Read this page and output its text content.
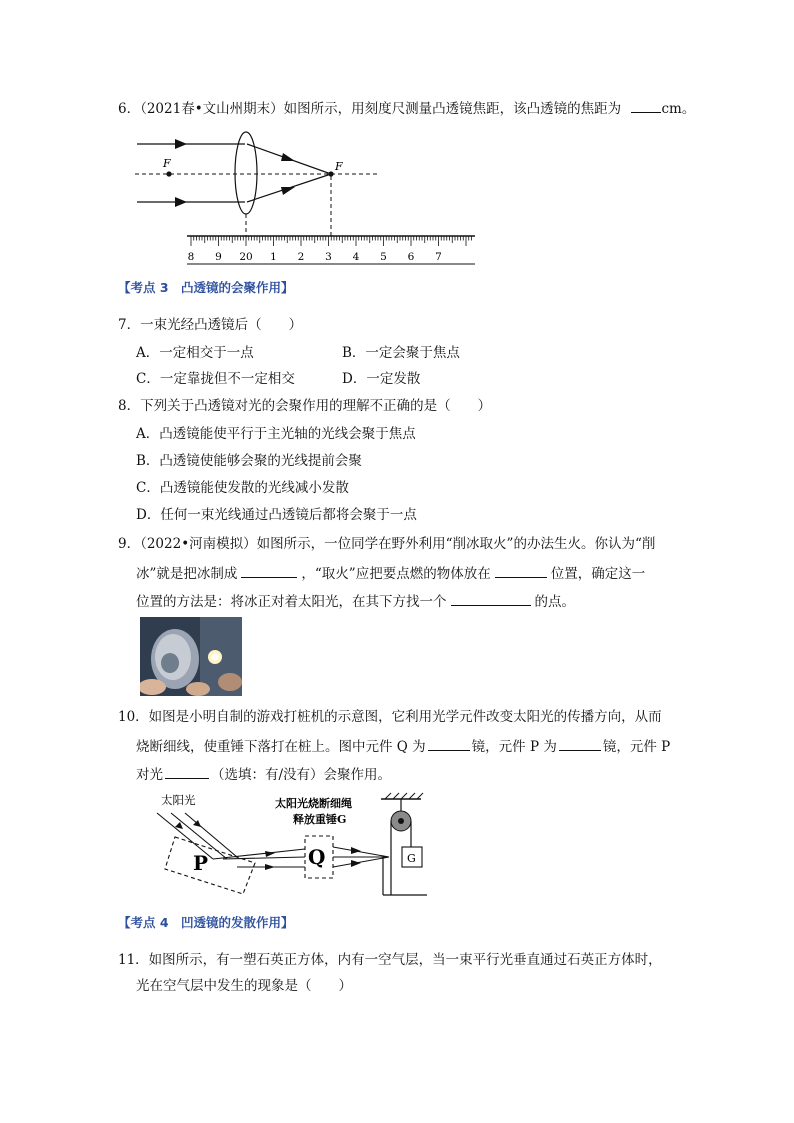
6．（2021春•文山州期末）如图所示，用刻度尺测量凸透镜焦距，该凸透镜的焦距为	cm。
F	F
8 9 20 1 2 3 4 5 6 7
【考点 3　凸透镜的会聚作用】
7．一束光经凸透镜后（　　）
A．一定相交于一点	B．一定会聚于焦点
C．一定靠拢但不一定相交	D．一定发散
8．下列关于凸透镜对光的会聚作用的理解不正确的是（　　）
A．凸透镜能使平行于主光轴的光线会聚于焦点
B．凸透镜使能够会聚的光线提前会聚
C．凸透镜能使发散的光线减小发散
D．任何一束光线通过凸透镜后都将会聚于一点
9．（2022•河南模拟）如图所示，一位同学在野外利用“削冰取火”的办法生火。你认为“削
冰”就是把冰制成	，“取火”应把要点燃的物体放在	位置，确定这一
位置的方法是：将冰正对着太阳光，在其下方找一个	的点。
10．如图是小明自制的游戏打桩机的示意图，它利用光学元件改变太阳光的传播方向，从而
烧断细线，使重锤下落打在桩上。图中元件 Q 为	镜，元件 P 为	镜，元件 P
对光	（选填：有/没有）会聚作用。
太阳光	太阳光烧断细绳
释放重锤G
P	Q	G
【考点 4　凹透镜的发散作用】
11．如图所示，有一塑石英正方体，内有一空气层，当一束平行光垂直通过石英正方体时，
光在空气层中发生的现象是（　　）
